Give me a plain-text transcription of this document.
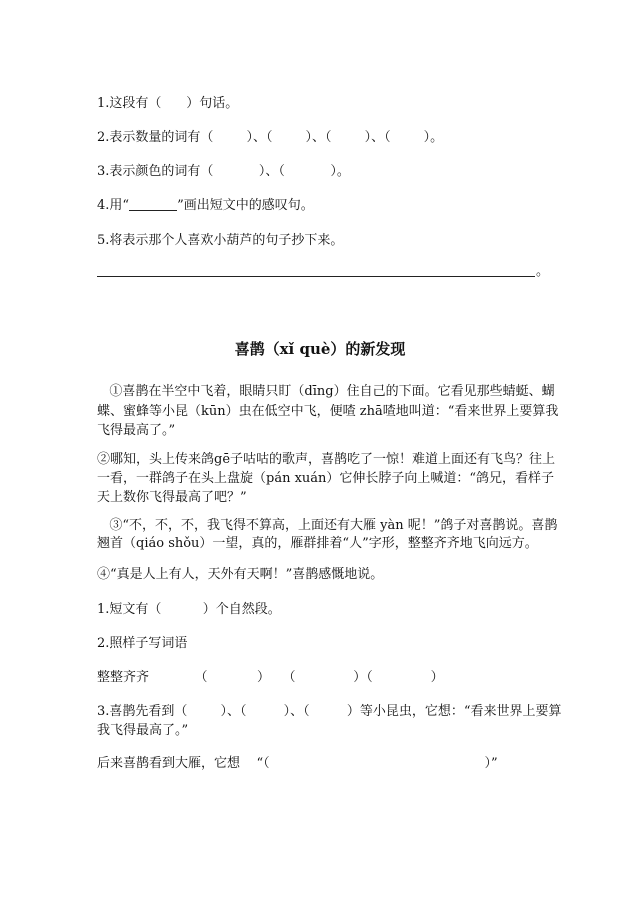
1.这段有（      ）句话。
2.表示数量的词有（        ）、（        ）、（        ）、（        ）。
3.表示颜色的词有（           ）、（           ）。
4.用“	”画出短文中的感叹句。
5.将表示那个人喜欢小葫芦的句子抄下来。
。
喜鹊（xǐ què）的新发现
①喜鹊在半空中飞着，眼睛只盯（dīng）住自己的下面。它看见那些蜻蜓、蝴
蝶、蜜蜂等小昆（kūn）虫在低空中飞，便喳 zhā喳地叫道：“看来世界上要算我
飞得最高了。”
②哪知，头上传来鸽gē子咕咕的歌声，喜鹊吃了一惊！难道上面还有飞鸟？往上
一看，一群鸽子在头上盘旋（pán xuán）它伸长脖子向上喊道：“鸽兄，看样子
天上数你飞得最高了吧？”
③“不，不，不，我飞得不算高，上面还有大雁 yàn 呢！”鸽子对喜鹊说。喜鹊
翘首（qiáo shǒu）一望，真的，雁群排着“人”字形，整整齐齐地飞向远方。
④“真是人上有人，天外有天啊！”喜鹊感慨地说。
1.短文有（          ）个自然段。
2.照样子写词语
整整齐齐           （            ）   （              ）（              ）
3.喜鹊先看到（        ）、（         ）、（         ）等小昆虫，它想：“看来世界上要算
我飞得最高了。”
后来喜鹊看到大雁，它想    “（                                                    ）”
